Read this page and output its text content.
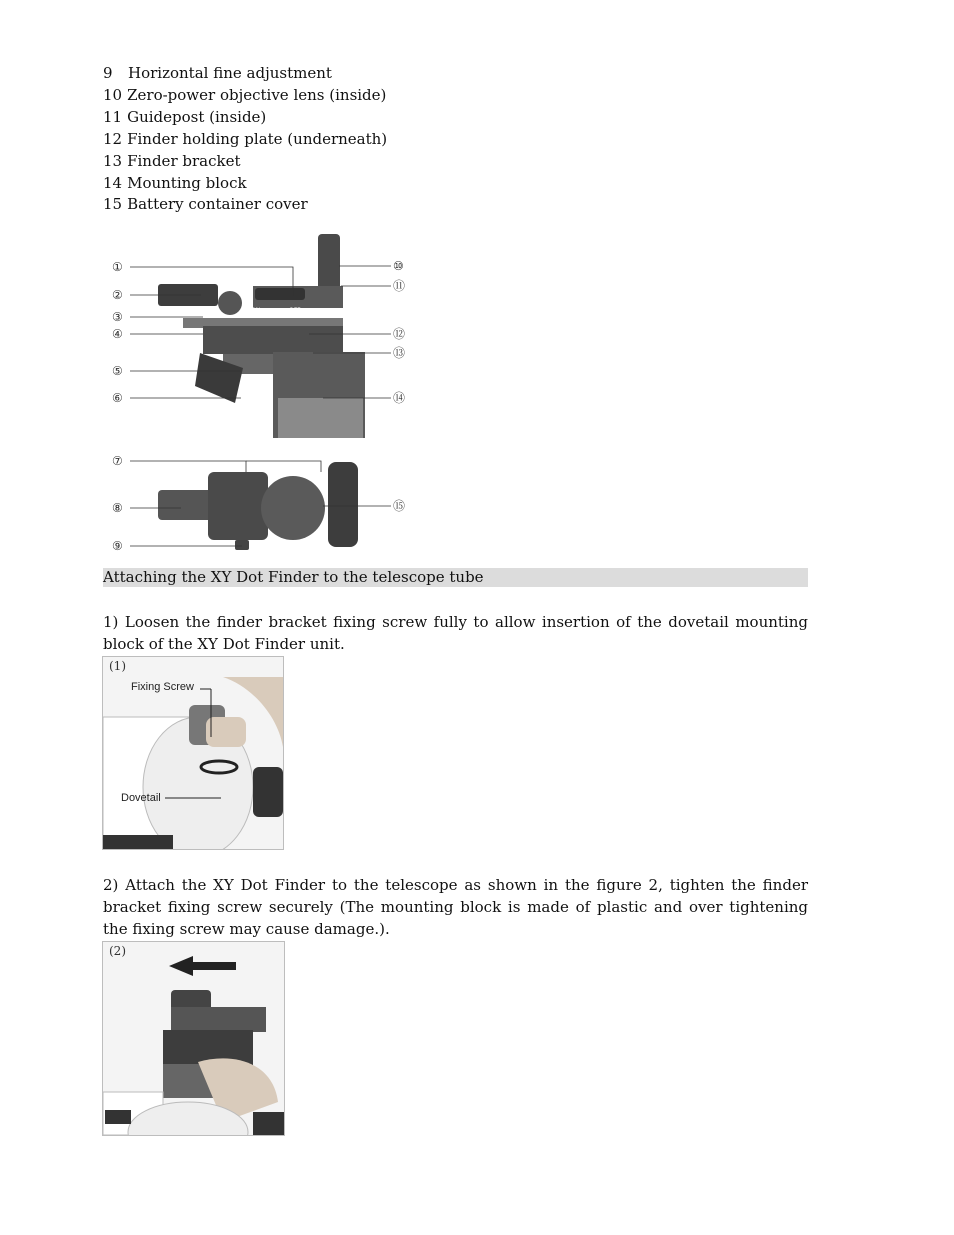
9 Horizontal fine adjustment
10 Zero-power objective lens (inside)
11 Guidepost (inside)
12 Finder holding plate (underneath)
13 Finder bracket
14 Mounting block
15 Battery container cover
ON	OFF
①
②
③
④
⑤
⑥
⑦
⑧
⑨
⑩
⑪
⑫
⑬
⑭
⑮
Attaching the XY Dot Finder to the telescope tube
1) Loosen the finder bracket fixing screw fully to allow insertion of the dovetail mounting block of the XY Dot Finder unit.
(1)
Fixing Screw
Dovetail
2) Attach the XY Dot Finder to the telescope as shown in the figure 2, tighten the finder bracket fixing screw securely (The mounting block is made of plastic and over tightening the fixing screw may cause damage.).
(2)
